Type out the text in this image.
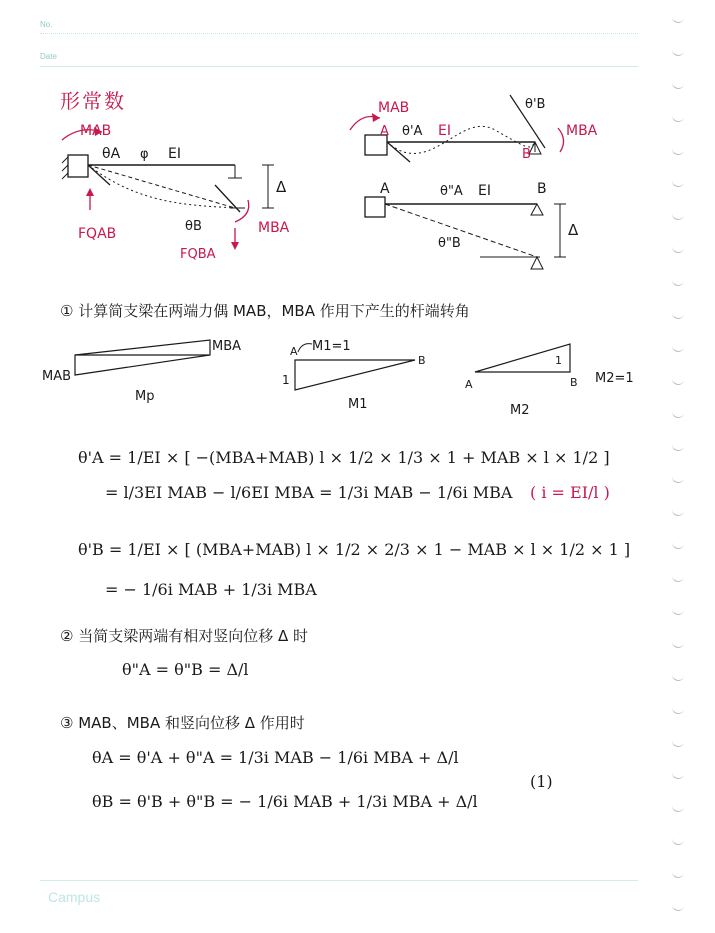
No.
Date
Campus
形常数
MAB
θA φ EI
FQAB	θB	MBA
FQBA
Δ
MAB
A θ'A EI
θ'B
MBA
B
A	θ"A EI	B
θ"B
Δ
① 计算简支梁在两端力偶 MAB，MBA 作用下产生的杆端转角
MBA
MAB
Mp
A M1=1
B
1
M1
A	B
1
M2=1
M2
θ'A = 1/EI × [ −(MBA+MAB) l × 1/2 × 1/3 × 1 + MAB × l × 1/2 ]
= l/3EI MAB − l/6EI MBA = 1/3i MAB − 1/6i MBA ( i = EI/l )
θ'B = 1/EI × [ (MBA+MAB) l × 1/2 × 2/3 × 1 − MAB × l × 1/2 × 1 ]
= − 1/6i MAB + 1/3i MBA
② 当简支梁两端有相对竖向位移 Δ 时
θ"A = θ"B = Δ/l
③ MAB、MBA 和竖向位移 Δ 作用时
θA = θ'A + θ"A = 1/3i MAB − 1/6i MBA + Δ/l
θB = θ'B + θ"B = − 1/6i MAB + 1/3i MBA + Δ/l
(1)
